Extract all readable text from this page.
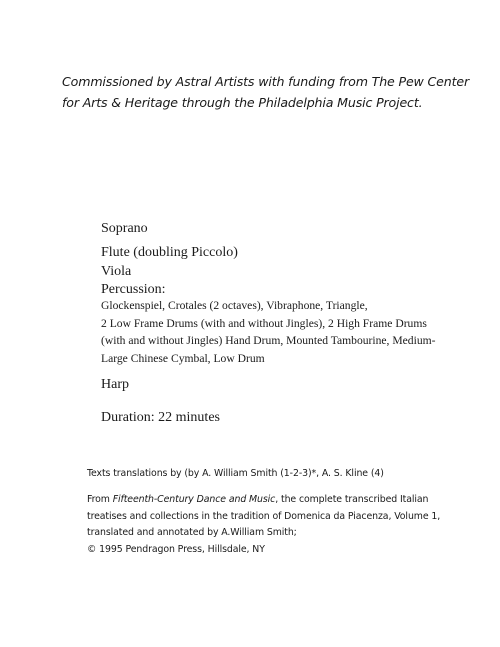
Commissioned by Astral Artists with funding from The Pew Center
for Arts & Heritage through the Philadelphia Music Project.
Soprano
Flute (doubling Piccolo)
Viola
Percussion:
Glockenspiel, Crotales (2 octaves), Vibraphone, Triangle,
2 Low Frame Drums (with and without Jingles), 2 High Frame Drums
(with and without Jingles) Hand Drum, Mounted Tambourine, Medium-
Large Chinese Cymbal, Low Drum
Harp
Duration: 22 minutes
Texts translations by (by A. William Smith (1-2-3)*, A. S. Kline (4)
From Fifteenth-Century Dance and Music, the complete transcribed Italian
treatises and collections in the tradition of Domenica da Piacenza, Volume 1,
translated and annotated by A.William Smith;
© 1995 Pendragon Press, Hillsdale, NY
